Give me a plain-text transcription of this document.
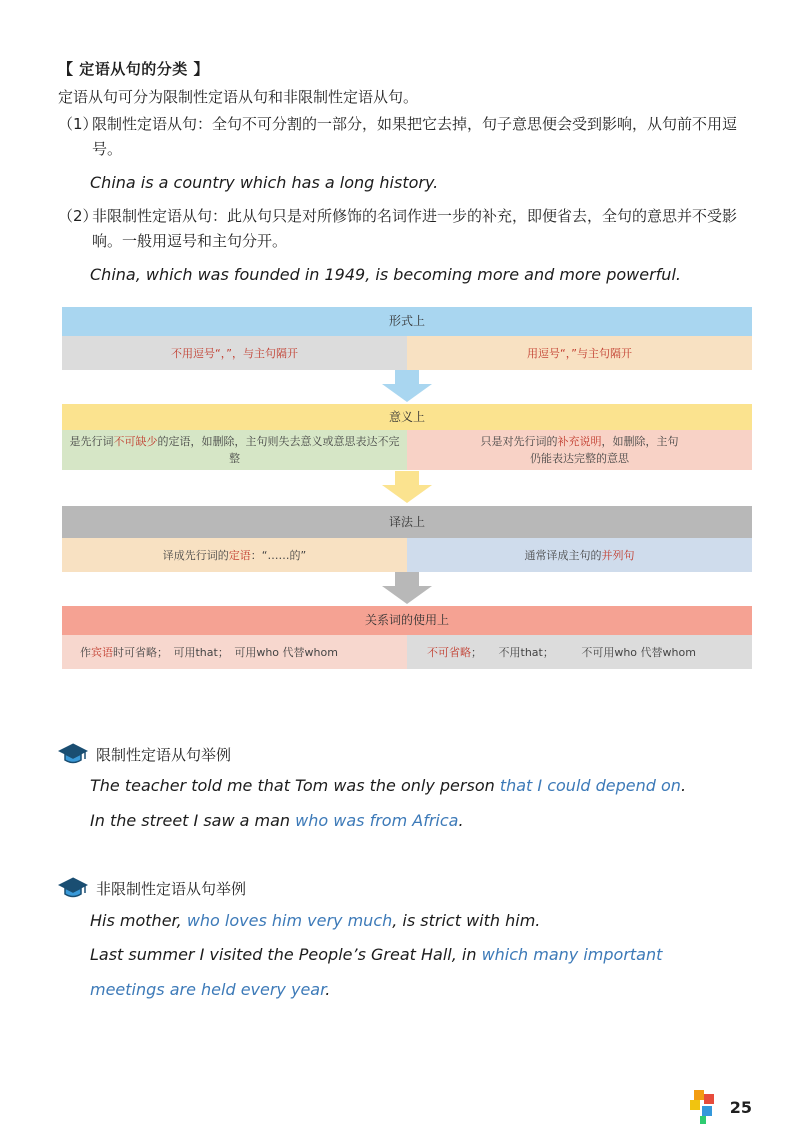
【 定语从句的分类 】
定语从句可分为限制性定语从句和非限制性定语从句。
（1）
限制性定语从句：全句不可分割的一部分，如果把它去掉，句子意思便会受到影响，从句前不用逗号。
China is a country which has a long history.
（2）
非限制性定语从句：此从句只是对所修饰的名词作进一步的补充，即便省去，全句的意思并不受影响。一般用逗号和主句分开。
China, which was founded in 1949, is becoming more and more powerful.
形式上
不用逗号“，”，与主句隔开	用逗号“，”与主句隔开
意义上
是先行词不可缺少的定语，如删除，主句则失去意义或意思表达不完整
只是对先行词的补充说明，如删除，主句仍能表达完整的意思
译法上
译成先行词的定语：“……的”	通常译成主句的并列句
关系词的使用上
作宾语时可省略；　可用that；　可用who 代替whom	不可省略；　　不用that；　　　不可用who 代替whom
限制性定语从句举例
The teacher told me that Tom was the only person that I could depend on.
In the street I saw a man who was from Africa.
非限制性定语从句举例
His mother, who loves him very much, is strict with him.
Last summer I visited the People’s Great Hall, in which many important
meetings are held every year.
25
